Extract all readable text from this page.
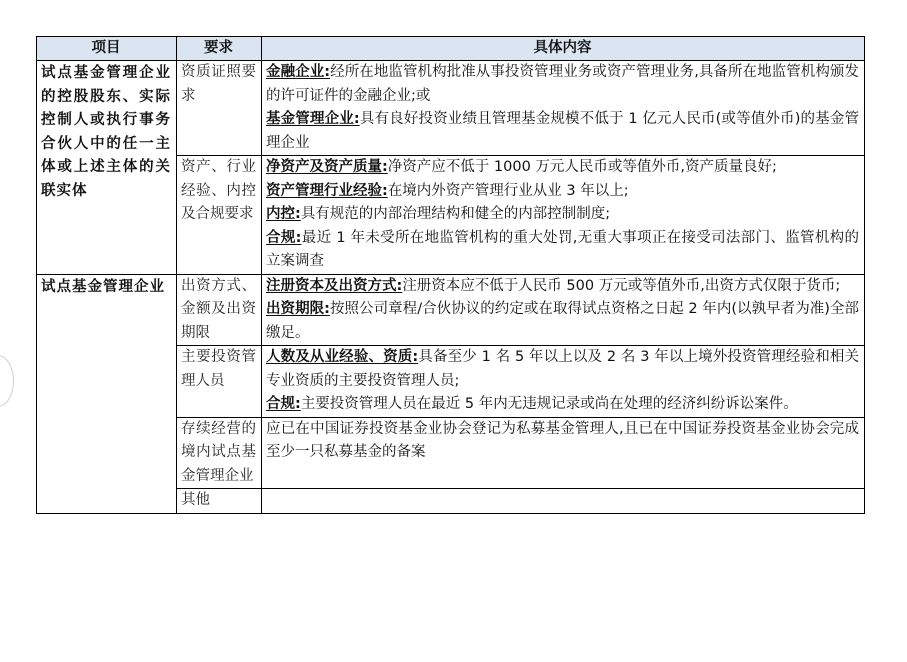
项目	要求	具体内容
试点基金管理企业的控股股东、实际控制人或执行事务合伙人中的任一主体或上述主体的关联实体	资质证照要求	金融企业:经所在地监管机构批准从事投资管理业务或资产管理业务,具备所在地监管机构颁发的许可证件的金融企业;或
基金管理企业:具有良好投资业绩且管理基金规模不低于 1 亿元人民币(或等值外币)的基金管理企业

	资产、行业经验、内控及合规要求	净资产及资产质量:净资产应不低于 1000 万元人民币或等值外币,资产质量良好;
资产管理行业经验:在境内外资产管理行业从业 3 年以上;
内控:具有规范的内部治理结构和健全的内部控制制度;
合规:最近 1 年未受所在地监管机构的重大处罚,无重大事项正在接受司法部门、监管机构的立案调查

试点基金管理企业	出资方式、金额及出资期限	注册资本及出资方式:注册资本应不低于人民币 500 万元或等值外币,出资方式仅限于货币;
出资期限:按照公司章程/合伙协议的约定或在取得试点资格之日起 2 年内(以孰早者为准)全部缴足。

	主要投资管理人员	人数及从业经验、资质:具备至少 1 名 5 年以上以及 2 名 3 年以上境外投资管理经验和相关专业资质的主要投资管理人员;
合规:主要投资管理人员在最近 5 年内无违规记录或尚在处理的经济纠纷诉讼案件。

	存续经营的境内试点基金管理企业	应已在中国证券投资基金业协会登记为私募基金管理人,且已在中国证券投资基金业协会完成至少一只私募基金的备案

	其他	
